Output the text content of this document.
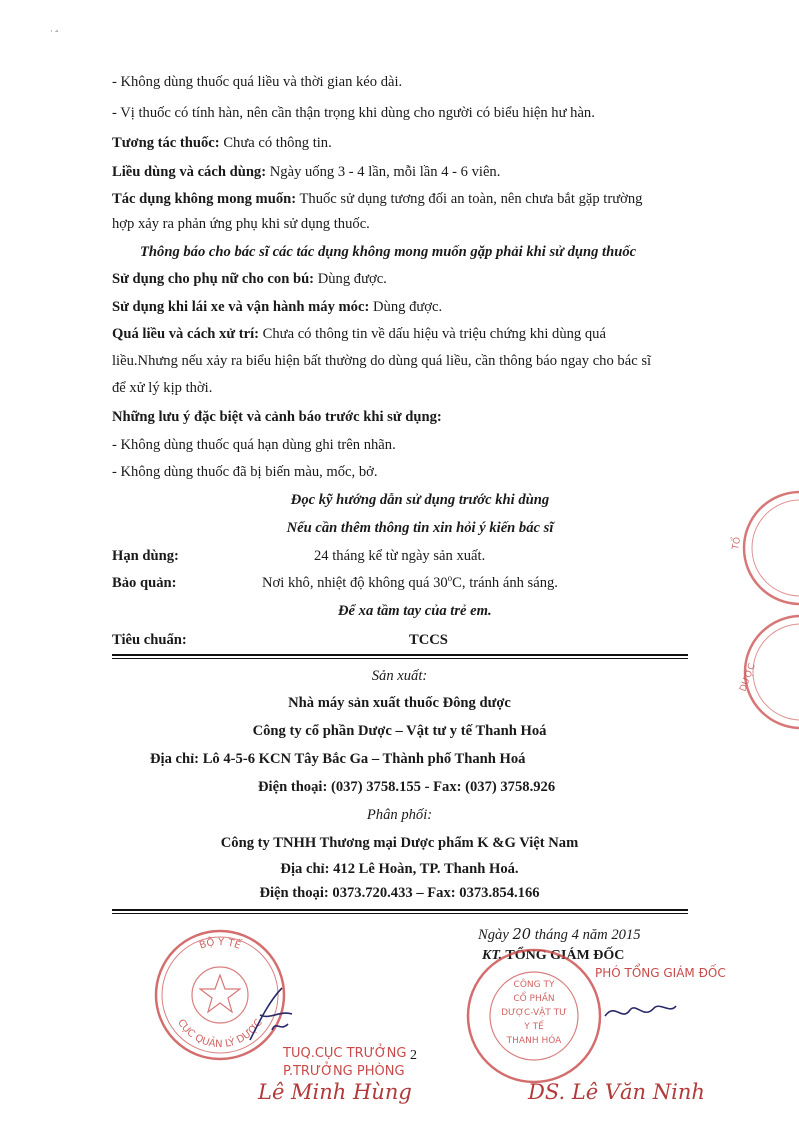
- Không dùng thuốc quá liều và thời gian kéo dài.
- Vị thuốc có tính hàn, nên cần thận trọng khi dùng cho người có biểu hiện hư hàn.
Tương tác thuốc: Chưa có thông tin.
Liều dùng và cách dùng: Ngày uống 3 - 4 lần, mỗi lần 4 - 6 viên.
Tác dụng không mong muốn: Thuốc sử dụng tương đối an toàn, nên chưa bắt gặp trường
hợp xảy ra phản ứng phụ khi sử dụng thuốc.
Thông báo cho bác sĩ các tác dụng không mong muốn gặp phải khi sử dụng thuốc
Sử dụng cho phụ nữ cho con bú: Dùng được.
Sử dụng khi lái xe và vận hành máy móc: Dùng được.
Quá liều và cách xử trí: Chưa có thông tin về dấu hiệu và triệu chứng khi dùng quá
liều.Nhưng nếu xảy ra biểu hiện bất thường do dùng quá liều, cần thông báo ngay cho bác sĩ
để xử lý kịp thời.
Những lưu ý đặc biệt và cảnh báo trước khi sử dụng:
- Không dùng thuốc quá hạn dùng ghi trên nhãn.
- Không dùng thuốc đã bị biến màu, mốc, bở.
Đọc kỹ hướng dẫn sử dụng trước khi dùng
Nếu cần thêm thông tin xin hỏi ý kiến bác sĩ
Hạn dùng:	24 tháng kể từ ngày sản xuất.
Bảo quản:	Nơi khô, nhiệt độ không quá 30$^o$C, tránh ánh sáng.
Để xa tầm tay của trẻ em.
Tiêu chuẩn:	TCCS
Sản xuất:
Nhà máy sản xuất thuốc Đông dược
Công ty cổ phần Dược – Vật tư y tế Thanh Hoá
Địa chỉ: Lô 4-5-6 KCN Tây Bắc Ga – Thành phố Thanh Hoá
Điện thoại: (037) 3758.155 - Fax: (037) 3758.926
Phân phối:
Công ty TNHH Thương mại Dược phẩm K &G Việt Nam
Địa chỉ: 412 Lê Hoàn, TP. Thanh Hoá.
Điện thoại: 0373.720.433 – Fax: 0373.854.166
Ngày 20 tháng 4 năm 2015
KT. TỔNG GIÁM ĐỐC
BỘ Y TẾ
CỤC QUẢN LÝ DƯỢC
CÔNG TY
CỔ PHẦN
DƯỢC-VẬT TƯ
Y TẾ
THANH HÓA
PHÓ TỔNG GIÁM ĐỐC
TỔ
DƯỢC
TUQ.CỤC TRƯỞNG 2
P.TRƯỞNG PHÒNG
Lê Minh Hùng	DS. Lê Văn Ninh
˙ ˆ
